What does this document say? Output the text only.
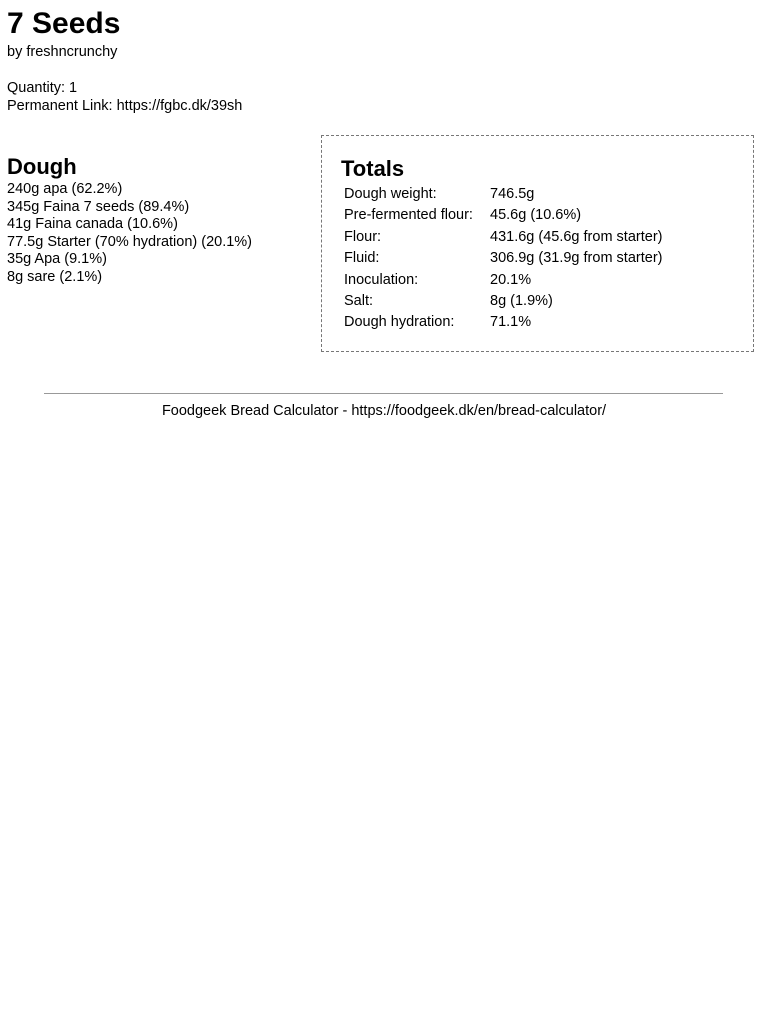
7 Seeds
by freshncrunchy
Quantity: 1
Permanent Link: https://fgbc.dk/39sh
Dough
240g apa (62.2%)
345g Faina 7 seeds (89.4%)
41g Faina canada (10.6%)
77.5g Starter (70% hydration) (20.1%)
35g Apa (9.1%)
8g sare (2.1%)
Totals
Dough weight:	746.5g
Pre-fermented flour:	45.6g (10.6%)
Flour:	431.6g (45.6g from starter)
Fluid:	306.9g (31.9g from starter)
Inoculation:	20.1%
Salt:	8g (1.9%)
Dough hydration:	71.1%
Foodgeek Bread Calculator - https://foodgeek.dk/en/bread-calculator/
